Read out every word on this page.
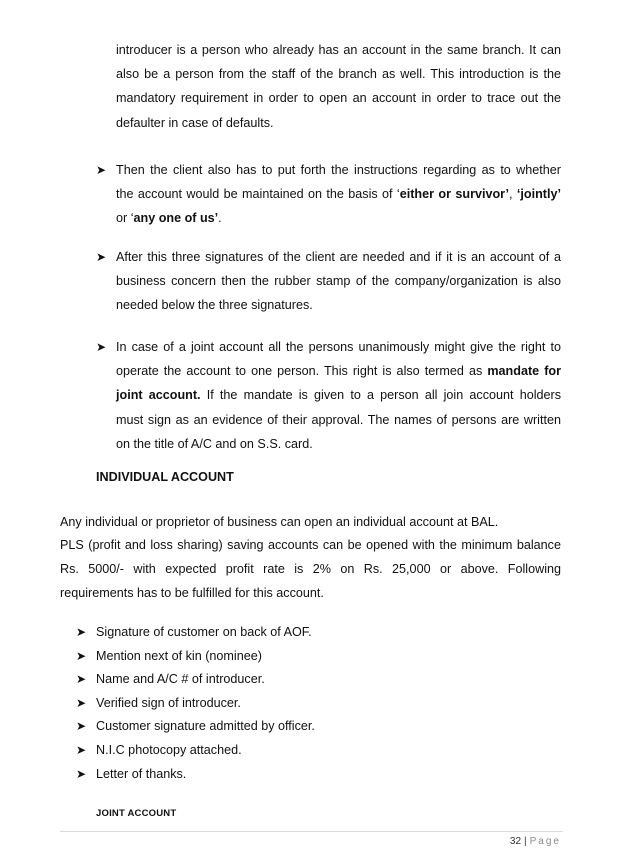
introducer is a person who already has an account in the same branch. It can
also be a person from the staff of the branch as well. This introduction is the
mandatory requirement in order to open an account in order to trace out the
defaulter in case of defaults.
➤ Then the client also has to put forth the instructions regarding as to whether
the account would be maintained on the basis of ‘either or survivor’, ‘jointly’
or ‘any one of us’.
➤ After this three signatures of the client are needed and if it is an account of a
business concern then the rubber stamp of the company/organization is also
needed below the three signatures.
➤ In case of a joint account all the persons unanimously might give the right to
operate the account to one person. This right is also termed as mandate for
joint account. If the mandate is given to a person all join account holders
must sign as an evidence of their approval. The names of persons are written
on the title of A/C and on S.S. card.
INDIVIDUAL ACCOUNT
Any individual or proprietor of business can open an individual account at BAL.
PLS (profit and loss sharing) saving accounts can be opened with the minimum balance
Rs. 5000/- with expected profit rate is 2% on Rs. 25,000 or above. Following
requirements has to be fulfilled for this account.
➤ Signature of customer on back of AOF.
➤ Mention next of kin (nominee)
➤ Name and A/C # of introducer.
➤ Verified sign of introducer.
➤ Customer signature admitted by officer.
➤ N.I.C photocopy attached.
➤ Letter of thanks.
JOINT ACCOUNT
32 | Page
